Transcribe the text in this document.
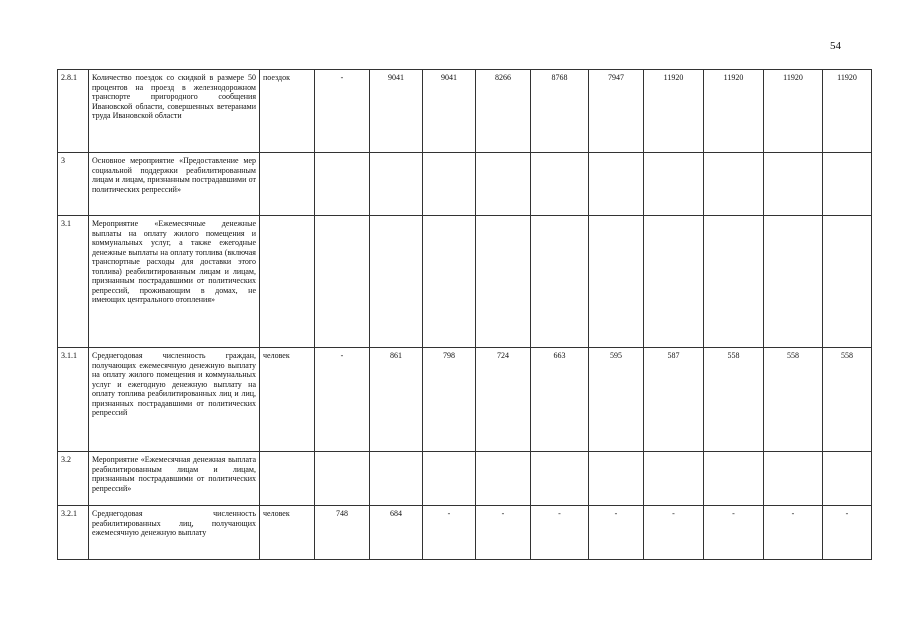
54
2.8.1	Количество поездок со скидкой в размере 50 процентов на проезд в железнодорожном транспорте пригородного сообщения Ивановской области, совершенных ветеранами труда Ивановской области	поездок	-	9041	9041	8266	8768	7947	11920	11920	11920	11920
3	Основное мероприятие «Предоставление мер социальной поддержки реабилитированным лицам и лицам, признанным пострадавшими от политических репрессий»											
3.1	Мероприятие «Ежемесячные денежные выплаты на оплату жилого помещения и коммунальных услуг, а также ежегодные денежные выплаты на оплату топлива (включая транспортные расходы для доставки этого топлива) реабилитированным лицам и лицам, признанным пострадавшими от политических репрессий, проживающим в домах, не имеющих центрального отопления»											
3.1.1	Среднегодовая численность граждан, получающих ежемесячную денежную выплату на оплату жилого помещения и коммунальных услуг и ежегодную денежную выплату на оплату топлива реабилитированных лиц и лиц, признанных пострадавшими от политических репрессий	человек	-	861	798	724	663	595	587	558	558	558
3.2	Мероприятие «Ежемесячная денежная выплата реабилитированным лицам и лицам, признанным пострадавшими от политических репрессий»											
3.2.1	Среднегодовая численность реабилитированных лиц, получающих ежемесячную денежную выплату	человек	748	684	-	-	-	-	-	-	-	-
